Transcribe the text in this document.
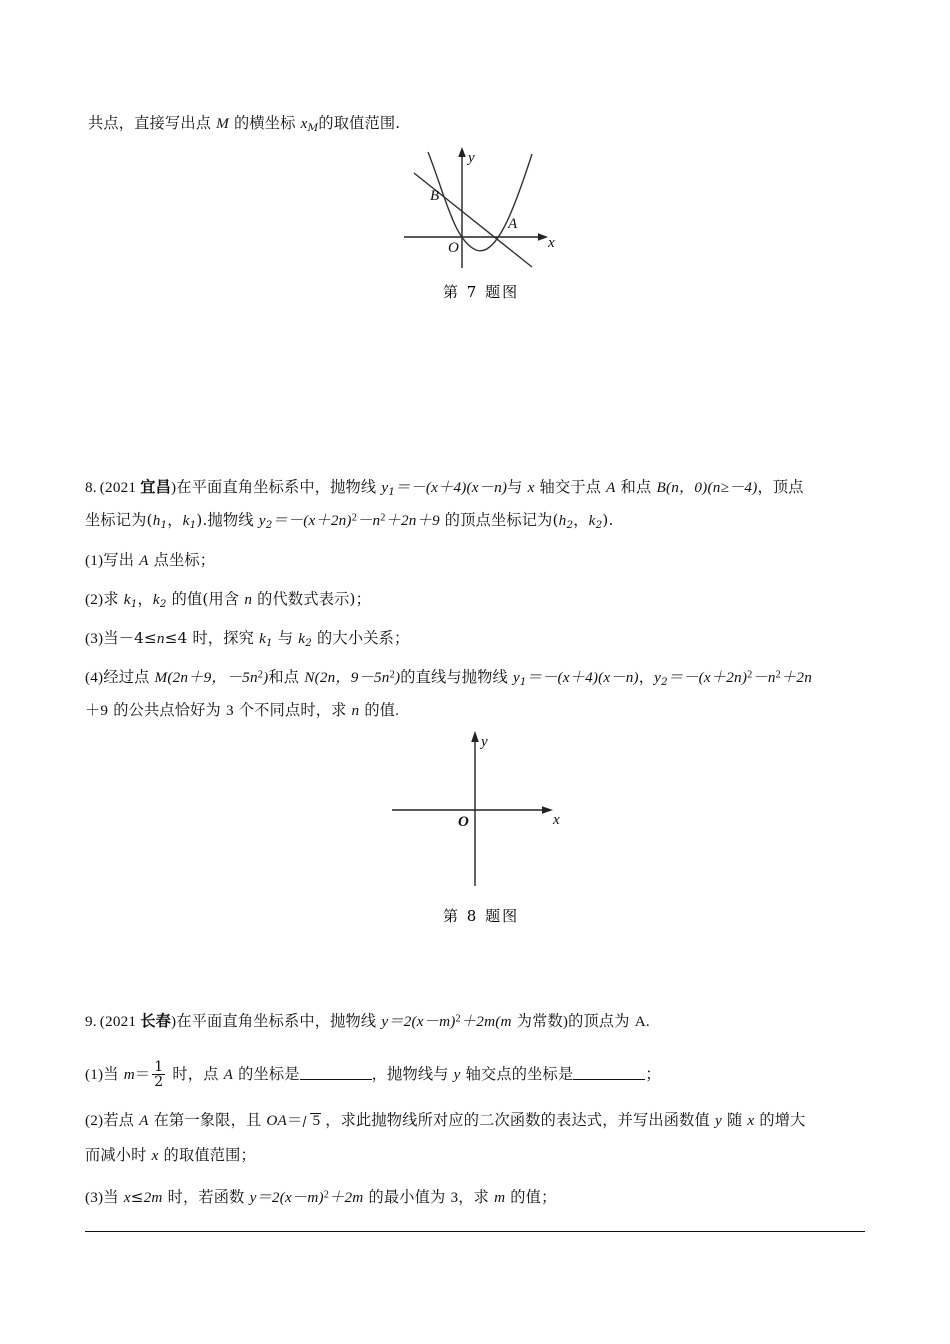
共点，直接写出点 M 的横坐标 $x_M$的取值范围.
B
A
O	x
y
第 7 题图
8. (2021 宜昌)在平面直角坐标系中，抛物线 $y_1=-(x+4)(x-n)$与 x 轴交于点 A 和点 B(n，0)(n≥－4)，顶点
坐标记为($h_1$，$k_1$).抛物线 $y_2=-(x+2n)^2-n^2+2n+9$ 的顶点坐标记为($h_2$，$k_2$).
(1)写出 A 点坐标；
(2)求 $k_1$，$k_2$ 的值(用含 n 的代数式表示)；
(3)当－4≤n≤4 时，探究 $k_1$ 与 $k_2$ 的大小关系；
(4)经过点 M(2n＋9，$-5n^2$)和点 N(2n，$9-5n^2$)的直线与抛物线 $y_1=-(x+4)(x-n)$，$y_2=-(x+2n)^2-n^2+2n$
＋9 的公共点恰好为 3 个不同点时，求 n 的值.
O
y
x
第 8 题图
9. (2021 长春)在平面直角坐标系中，抛物线 $y=2(x-m)^2+2m(m$ 为常数)的顶点为 A.
(1)当 $m= \frac{1}{2}$ 时，点 A 的坐标是	，抛物线与 y 轴交点的坐标是	；
(2)若点 A 在第一象限，且 OA＝ 5 ，求此抛物线所对应的二次函数的表达式，并写出函数值 y 随 x 的增大
而减小时 x 的取值范围；
(3)当 x≤2m 时，若函数 $y=2(x-m)^2+2m$ 的最小值为 3，求 m 的值；
